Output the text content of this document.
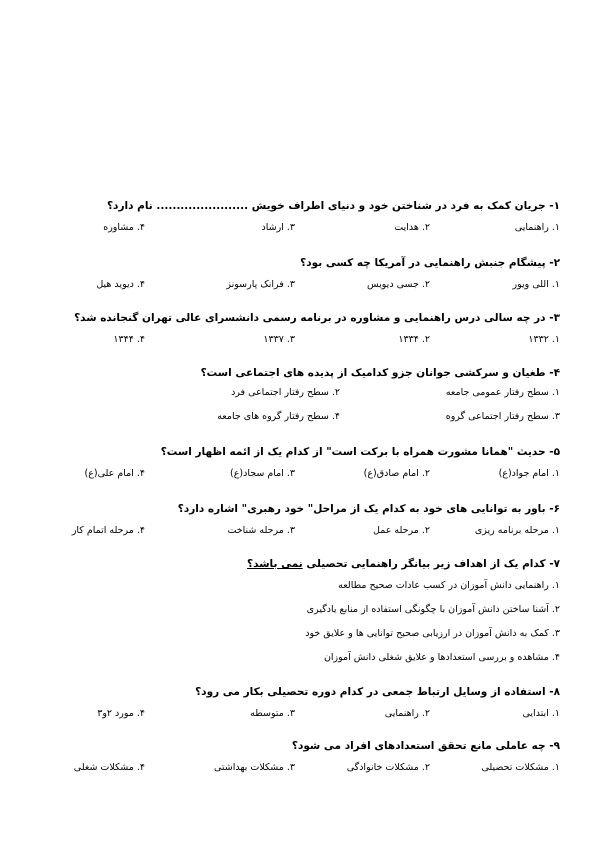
۱- جریان کمک به فرد در شناختن خود و دنیای اطراف خویش ....................... نام دارد؟
۱. راهنمایی
۲. هدایت
۳. ارشاد
۴. مشاوره
۲- پیشگام جنبش راهنمایی در آمریکا چه کسی بود؟
۱. اللی ویور
۲. جسی دیویس
۳. فرانک پارسونز
۴. دیوید هیل
۳- در چه سالی درس راهنمایی و مشاوره در برنامه رسمی دانشسرای عالی تهران گنجانده شد؟
۱. ۱۳۳۲
۲. ۱۳۳۴
۳. ۱۳۳۷
۴. ۱۳۴۴
۴- طغیان و سرکشی جوانان جزو کدامیک از پدیده های اجتماعی است؟
۱. سطح رفتار عمومی جامعه
۲. سطح رفتار اجتماعی فرد
۳. سطح رفتار اجتماعی گروه
۴. سطح رفتار گروه های جامعه
۵- حدیث "همانا مشورت همراه با برکت است" از کدام یک از ائمه اظهار است؟
۱. امام جواد(ع)
۲. امام صادق(ع)
۳. امام سجاد(ع)
۴. امام علی(ع)
۶- باور به توانایی های خود به کدام یک از مراحل" خود رهبری" اشاره دارد؟
۱. مرحله برنامه ریزی
۲. مرحله عمل
۳. مرحله شناخت
۴. مرحله اتمام کار
۷- کدام یک از اهداف زیر بیانگر راهنمایی تحصیلی نمی باشد؟
۱. راهنمایی دانش آموزان در کسب عادات صحیح مطالعه
۲. آشنا ساختن دانش آموزان با چگونگی استفاده از منابع یادگیری
۳. کمک به دانش آموزان در ارزیابی صحیح توانایی ها و علایق خود
۴. مشاهده و بررسی استعدادها و علایق شغلی دانش آموزان
۸- استفاده از وسایل ارتباط جمعی در کدام دوره تحصیلی بکار می رود؟
۱. ابتدایی
۲. راهنمایی
۳. متوسطه
۴. مورد ۲و۳
۹- چه عاملی مانع تحقق استعدادهای افراد می شود؟
۱. مشکلات تحصیلی
۲. مشکلات خانوادگی
۳. مشکلات بهداشتی
۴. مشکلات شغلی
